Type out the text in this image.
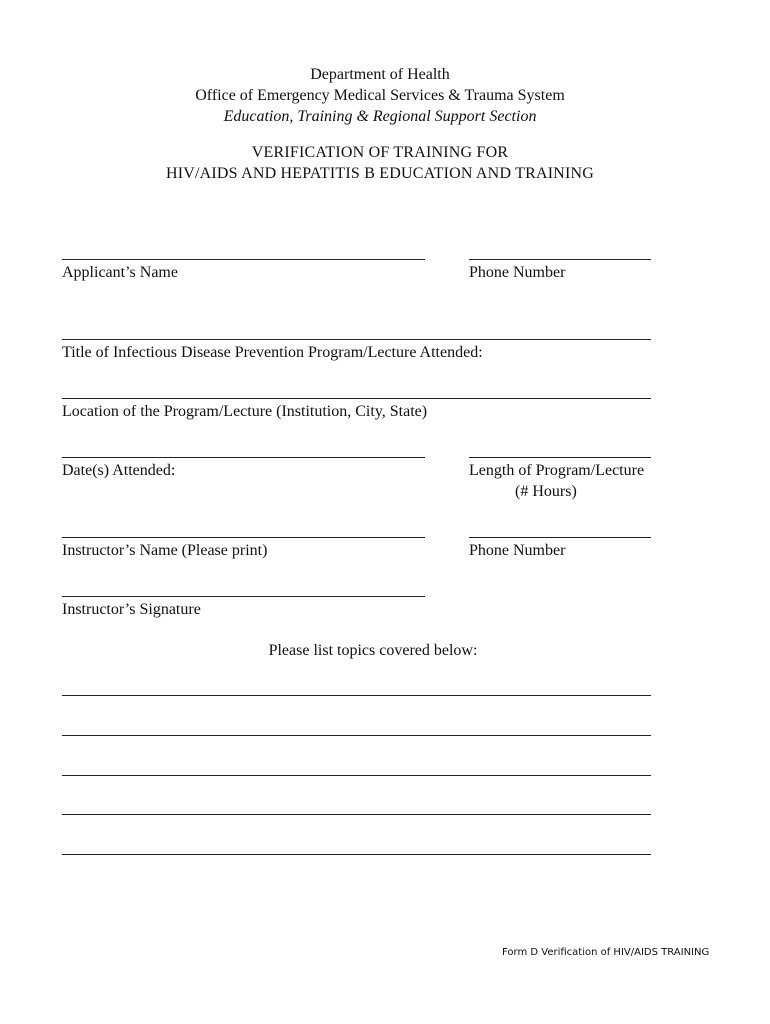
Department of Health
Office of Emergency Medical Services & Trauma System
Education, Training & Regional Support Section
VERIFICATION OF TRAINING FOR
HIV/AIDS AND HEPATITIS B EDUCATION AND TRAINING
Applicant’s Name	Phone Number
Title of Infectious Disease Prevention Program/Lecture Attended:
Location of the Program/Lecture (Institution, City, State)
Date(s) Attended:	Length of Program/Lecture
(# Hours)
Instructor’s Name (Please print)	Phone Number
Instructor’s Signature
Please list topics covered below:
Form D Verification of HIV/AIDS TRAINING
